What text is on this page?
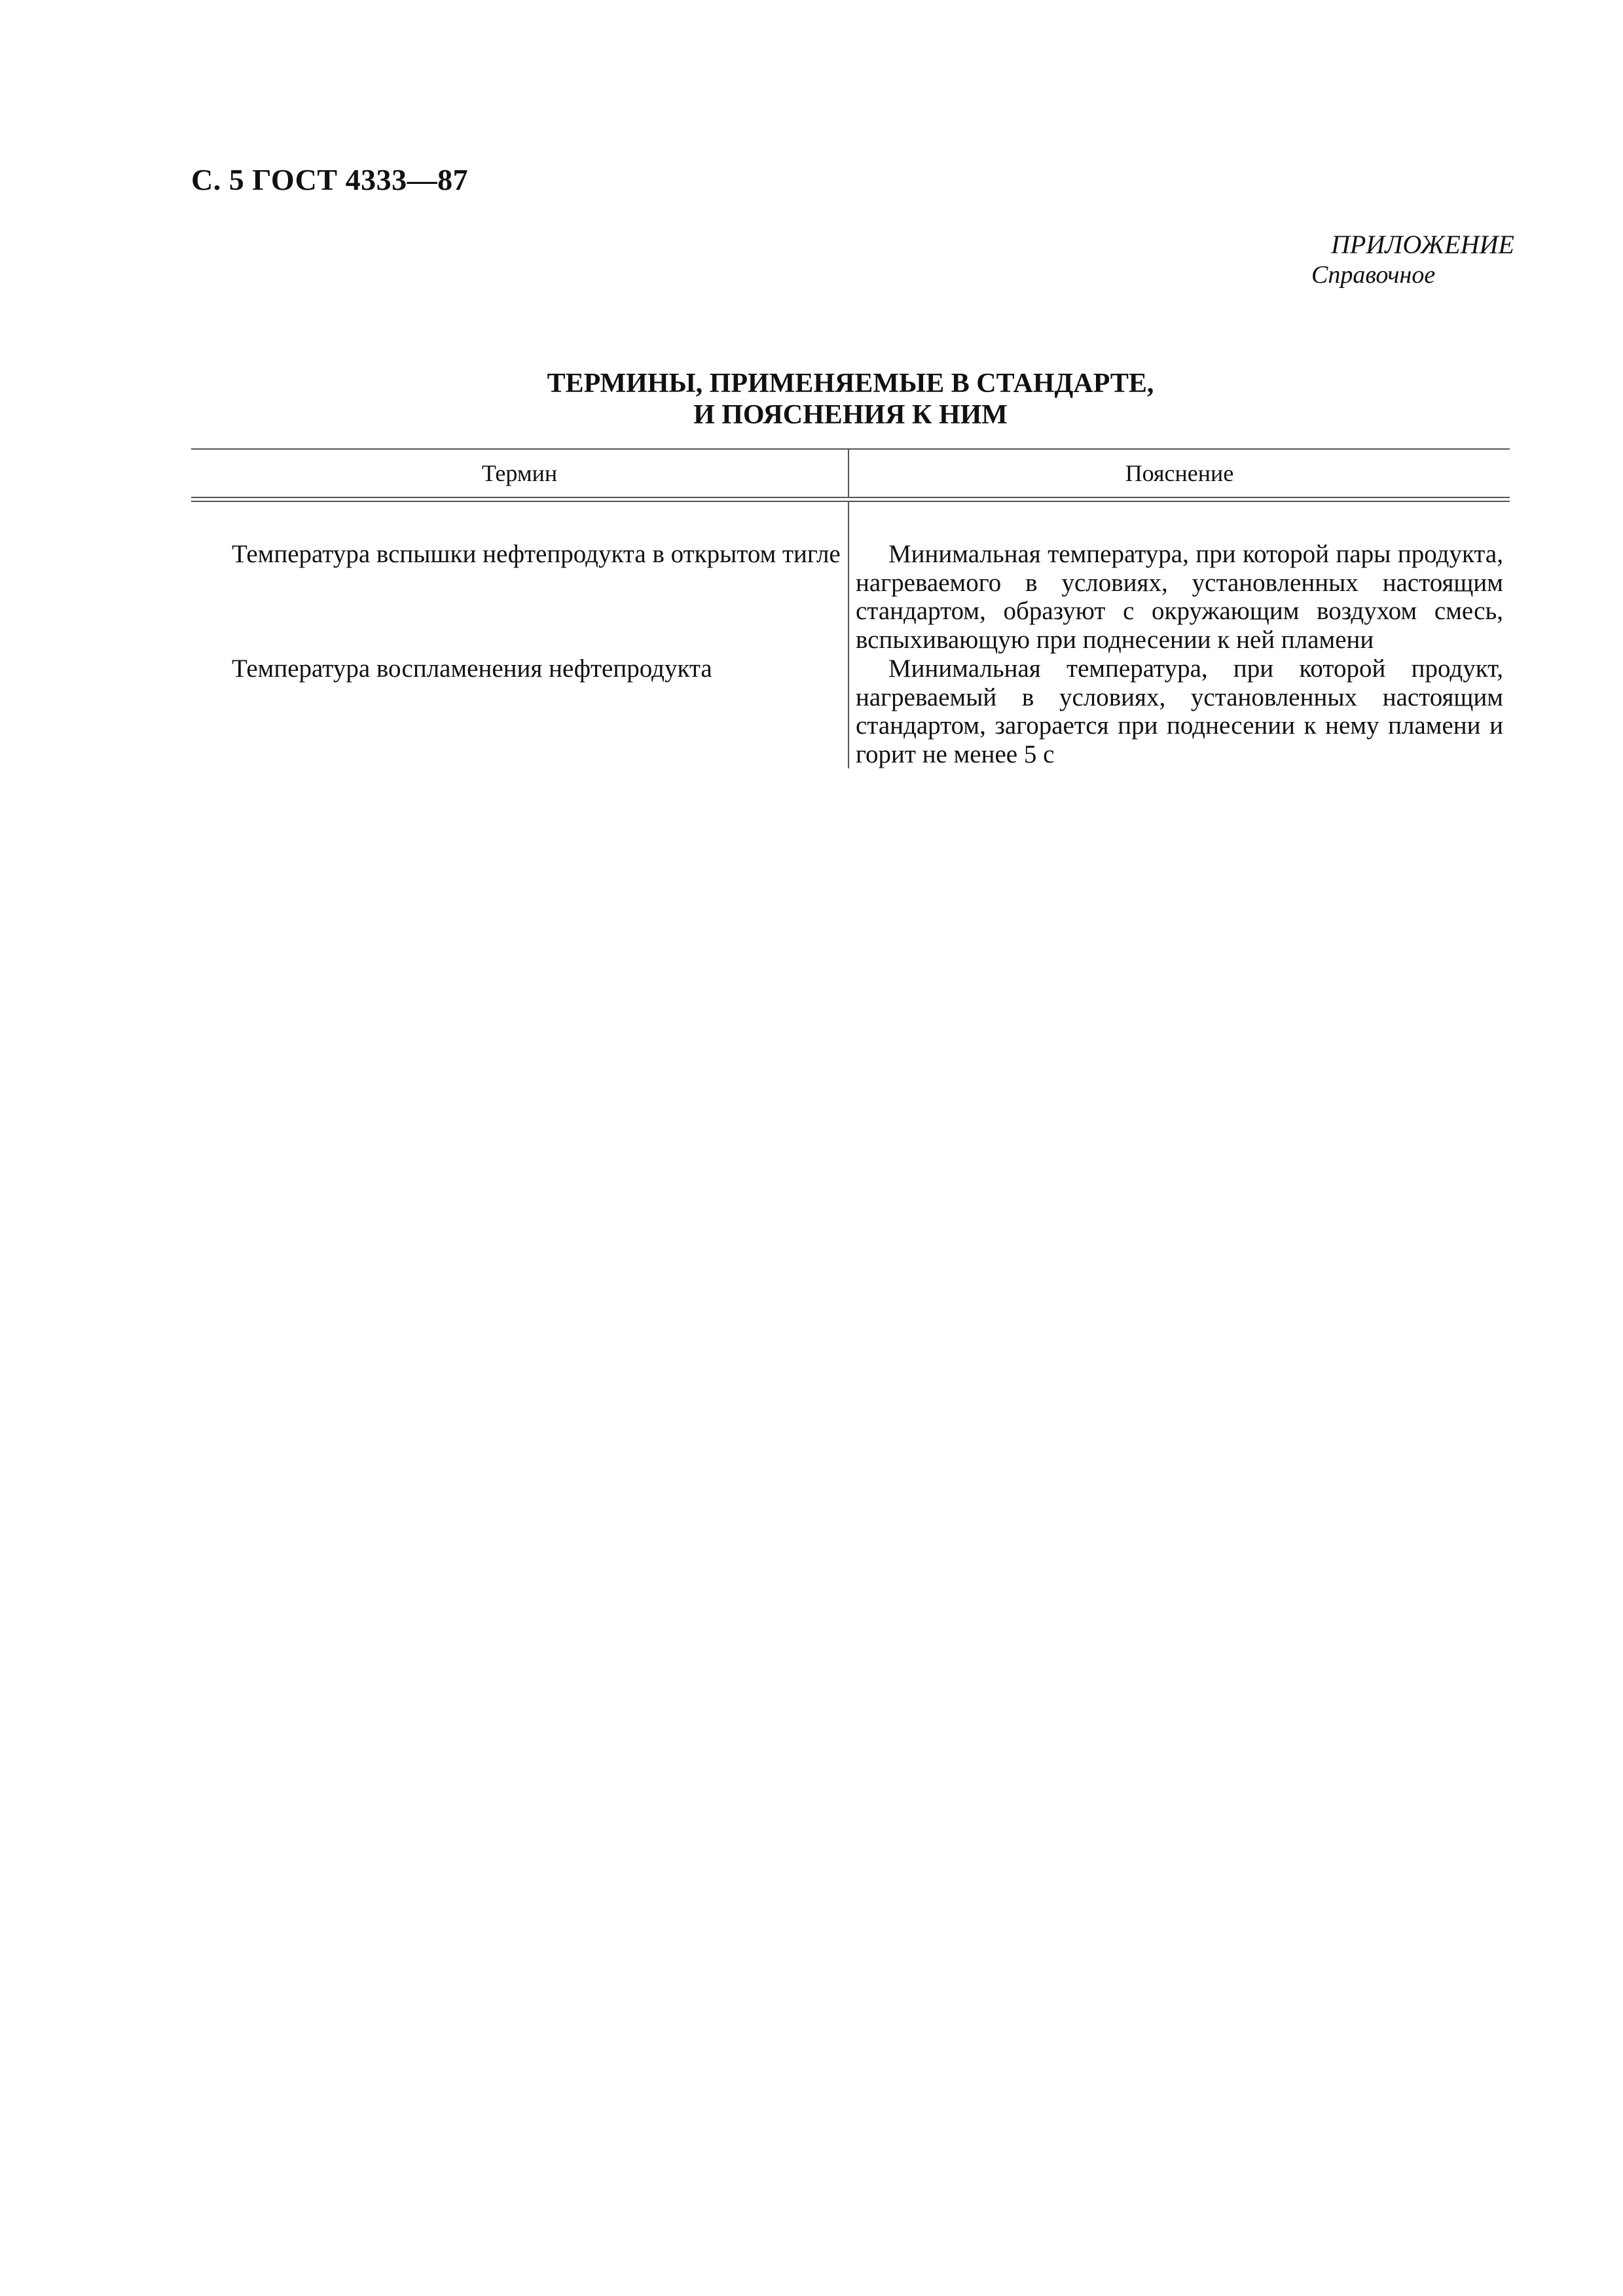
С. 5 ГОСТ 4333—87
ПРИЛОЖЕНИЕ
Справочное
ТЕРМИНЫ, ПРИМЕНЯЕМЫЕ В СТАНДАРТЕ,
И ПОЯСНЕНИЯ К НИМ
Термин	Пояснение

Температура вспышки нефтепродукта в открытом тигле	Минимальная температура, при которой пары продукта, нагреваемого в условиях, установленных настоящим стандартом, образуют с окружающим воздухом смесь, вспыхивающую при поднесении к ней пламени

Температура воспламенения нефтепродукта	Минимальная температура, при которой продукт, нагреваемый в условиях, установленных настоящим стандартом, загорается при поднесении к нему пламени и горит не менее 5 с
